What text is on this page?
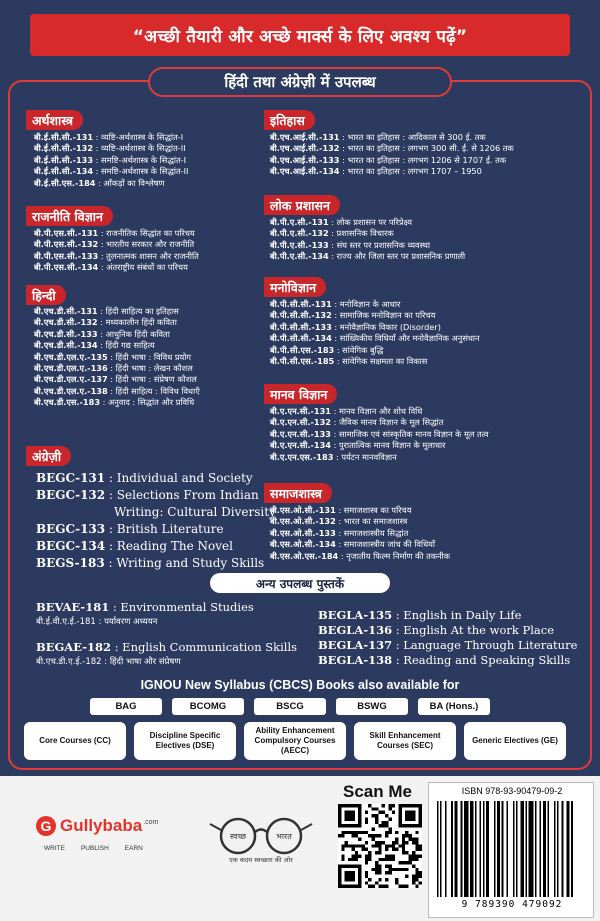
“अच्छी तैयारी और अच्छे मार्क्स के लिए अवश्य पढ़ें”
हिंदी तथा अंग्रेज़ी में उपलब्ध
अर्थशास्त्र
बी.ई.सी.सी.-131 : व्यष्टि-अर्थशास्त्र के सिद्धांत-I
बी.ई.सी.सी.-132 : व्यष्टि-अर्थशास्त्र के सिद्धांत-II
बी.ई.सी.सी.-133 : समष्टि-अर्थशास्त्र के सिद्धांत-I
बी.ई.सी.सी.-134 : समष्टि-अर्थशास्त्र के सिद्धांत-II
बी.ई.सी.एस.-184 : आँकड़ों का विश्लेषण
राजनीति विज्ञान
बी.पी.एस.सी.-131 : राजनीतिक सिद्धांत का परिचय
बी.पी.एस.सी.-132 : भारतीय सरकार और राजनीति
बी.पी.एस.सी.-133 : तुलनात्मक शासन और राजनीति
बी.पी.एस.सी.-134 : अंतराष्ट्रीय संबंधों का परिचय
हिन्दी
बी.एच.डी.सी.-131 : हिंदी साहित्य का इतिहास
बी.एच.डी.सी.-132 : मध्यकालीन हिंदी कविता
बी.एच.डी.सी.-133 : आधुनिक हिंदी कविता
बी.एच.डी.सी.-134 : हिंदी गद्य साहित्य
बी.एच.डी.एल.ए.-135 : हिंदी भाषा : विविध प्रयोग
बी.एच.डी.एल.ए.-136 : हिंदी भाषा : लेखन कौशल
बी.एच.डी.एल.ए.-137 : हिंदी भाषा : संप्रेषण कौशल
बी.एच.डी.एल.ए.-138 : हिंदी साहित्य : विविध विधाएँ
बी.एच.डी.एस.-183 : अनुवाद : सिद्धांत और प्रविधि
अंग्रेज़ी
BEGC-131 : Individual and Society
BEGC-132 : Selections From Indian
Writing: Cultural Diversity
BEGC-133 : British Literature
BEGC-134 : Reading The Novel
BEGS-183 : Writing and Study Skills
इतिहास
बी.एच.आई.सी.-131 : भारत का इतिहास : आदिकाल से 300 ई. तक
बी.एच.आई.सी.-132 : भारत का इतिहास : लगभग 300 सी. ई. से 1206 तक
बी.एच.आई.सी.-133 : भारत का इतिहास : लगभग 1206 से 1707 ई. तक
बी.एच.आई.सी.-134 : भारत का इतिहास : लगभग 1707 – 1950
लोक प्रशासन
बी.पी.ए.सी.-131 : लोक प्रशासन पर परिप्रेक्ष्य
बी.पी.ए.सी.-132 : प्रशासनिक विचारक
बी.पी.ए.सी.-133 : संघ स्तर पर प्रशासनिक व्यवस्था
बी.पी.ए.सी.-134 : राज्य और जिला स्तर पर प्रशासनिक प्रणाली
मनोविज्ञान
बी.पी.सी.सी.-131 : मनोविज्ञान के आधार
बी.पी.सी.सी.-132 : सामाजिक मनोविज्ञान का परिचय
बी.पी.सी.सी.-133 : मनोवैज्ञानिक विकार (Disorder)
बी.पी.सी.सी.-134 : सांख्यिकीय विधियाँ और मनोवैज्ञानिक अनुसंधान
बी.पी.सी.एस.-183 : सांवेगिक बुद्धि
बी.पी.सी.एस.-185 : सांवेगिक सक्षमता का विकास
मानव विज्ञान
बी.ए.एन.सी.-131 : मानव विज्ञान और शोध विधि
बी.ए.एन.सी.-132 : जैविक मानव विज्ञान के मूल सिद्धांत
बी.ए.एन.सी.-133 : सामाजिक एवं सांस्कृतिक मानव विज्ञान के मूल तत्व
बी.ए.एन.सी.-134 : पुरातात्विक मानव विज्ञान के मूलाधार
बी.ए.एन.एस.-183 : पर्यटन मानवविज्ञान
समाजशास्त्र
बी.एस.ओ.सी.-131 : समाजशास्त्र का परिचय
बी.एस.ओ.सी.-132 : भारत का समाजशास्त्र
बी.एस.ओ.सी.-133 : समाजशास्त्रीय सिद्धांत
बी.एस.ओ.सी.-134 : समाजशास्त्रीय जांच की विधियाँ
बी.एस.ओ.एस.-184 : नृजातीय फिल्म निर्माण की तकनीक
अन्य उपलब्ध पुस्तकें
BEVAE-181 : Environmental Studies
बी.ई.वी.ए.ई.-181 : पर्यावरण अध्ययन
BEGAE-182 : English Communication Skills
बी.एच.डी.ए.ई.-182 : हिंदी भाषा और संप्रेषण
BEGLA-135 : English in Daily Life
BEGLA-136 : English At the work Place
BEGLA-137 : Language Through Literature
BEGLA-138 : Reading and Speaking Skills
IGNOU New Syllabus (CBCS) Books also available for
BAG	BCOMG	BSCG	BSWG	BA (Hons.)
Core Courses (CC)
Discipline Specific Electives (DSE)
Ability Enhancement Compulsory Courses (AECC)
Skill Enhancement Courses (SEC)
Generic Electives (GE)
G Gullybaba .com
WRITE PUBLISH EARN
स्वच्छ	भारत
एक कदम स्वच्छता की ओर
Scan Me	ISBN 978-93-90479-09-2
9 789390 479092
